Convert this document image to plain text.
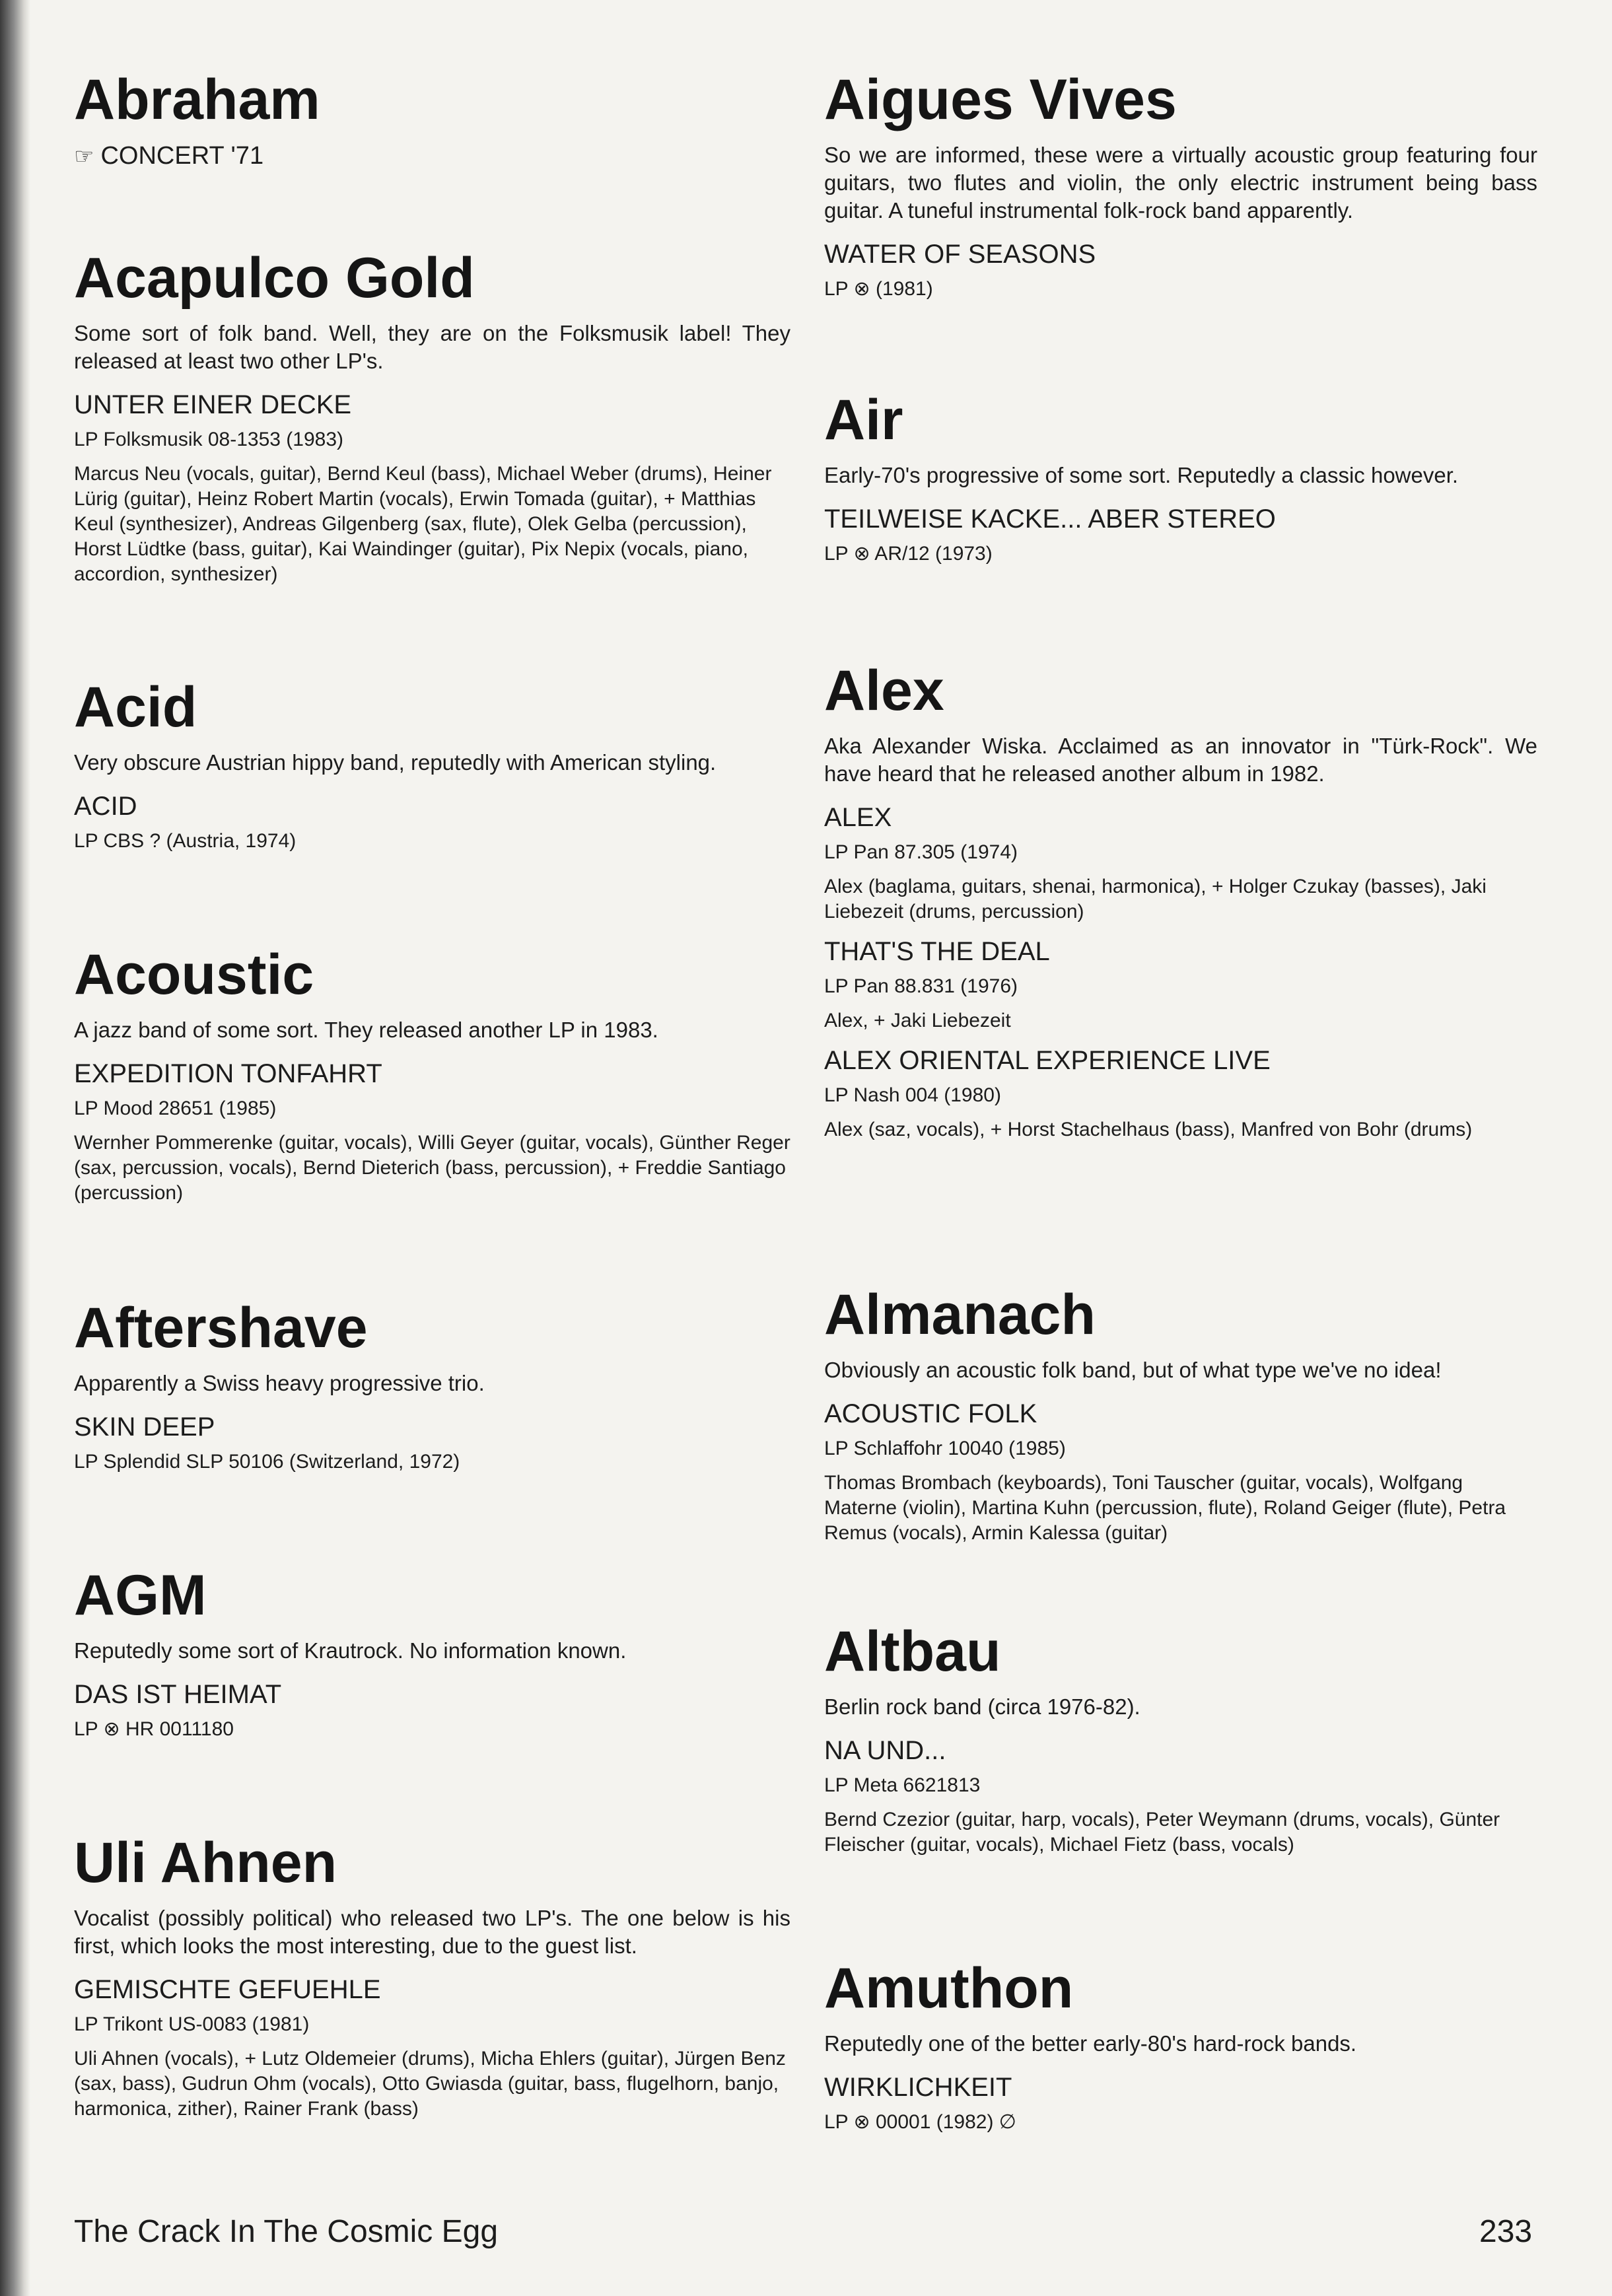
Abraham
☞ CONCERT '71
Acapulco Gold

Some sort of folk band. Well, they are on the Folksmusik label! They released at least two other LP's.

UNTER EINER DECKE
LP Folksmusik 08-1353 (1983)

Marcus Neu (vocals, guitar), Bernd Keul (bass), Michael Weber (drums), Heiner Lürig (guitar), Heinz Robert Martin (vocals), Erwin Tomada (guitar), + Matthias Keul (synthesizer), Andreas Gilgenberg (sax, flute), Olek Gelba (percussion), Horst Lüdtke (bass, guitar), Kai Waindinger (guitar), Pix Nepix (vocals, piano, accordion, synthesizer)

Acid

Very obscure Austrian hippy band, reputedly with American styling.

ACID
LP CBS ? (Austria, 1974)
Acoustic

A jazz band of some sort. They released another LP in 1983.

EXPEDITION TONFAHRT
LP Mood 28651 (1985)

Wernher Pommerenke (guitar, vocals), Willi Geyer (guitar, vocals), Günther Reger (sax, percussion, vocals), Bernd Dieterich (bass, percussion), + Freddie Santiago (percussion)

Aftershave

Apparently a Swiss heavy progressive trio.

SKIN DEEP
LP Splendid SLP 50106 (Switzerland, 1972)
AGM

Reputedly some sort of Krautrock. No information known.

DAS IST HEIMAT
LP ⊗ HR 0011180
Uli Ahnen

Vocalist (possibly political) who released two LP's. The one below is his first, which looks the most interesting, due to the guest list.

GEMISCHTE GEFUEHLE
LP Trikont US-0083 (1981)

Uli Ahnen (vocals), + Lutz Oldemeier (drums), Micha Ehlers (guitar), Jürgen Benz (sax, bass), Gudrun Ohm (vocals), Otto Gwiasda (guitar, bass, flugelhorn, banjo, harmonica, zither), Rainer Frank (bass)

Aigues Vives

So we are informed, these were a virtually acoustic group featuring four guitars, two flutes and violin, the only electric instrument being bass guitar. A tuneful instrumental folk-rock band apparently.

WATER OF SEASONS
LP ⊗ (1981)
Air

Early-70's progressive of some sort. Reputedly a classic however.

TEILWEISE KACKE... ABER STEREO
LP ⊗ AR/12 (1973)
Alex

Aka Alexander Wiska. Acclaimed as an innovator in "Türk-Rock". We have heard that he released another album in 1982.

ALEX
LP Pan 87.305 (1974)

Alex (baglama, guitars, shenai, harmonica), + Holger Czukay (basses), Jaki Liebezeit (drums, percussion)

THAT'S THE DEAL
LP Pan 88.831 (1976)

Alex, + Jaki Liebezeit

ALEX ORIENTAL EXPERIENCE LIVE
LP Nash 004 (1980)

Alex (saz, vocals), + Horst Stachelhaus (bass), Manfred von Bohr (drums)

Almanach

Obviously an acoustic folk band, but of what type we've no idea!

ACOUSTIC FOLK
LP Schlaffohr 10040 (1985)

Thomas Brombach (keyboards), Toni Tauscher (guitar, vocals), Wolfgang Materne (violin), Martina Kuhn (percussion, flute), Roland Geiger (flute), Petra Remus (vocals), Armin Kalessa (guitar)

Altbau

Berlin rock band (circa 1976-82).

NA UND...
LP Meta 6621813

Bernd Czezior (guitar, harp, vocals), Peter Weymann (drums, vocals), Günter Fleischer (guitar, vocals), Michael Fietz (bass, vocals)

Amuthon

Reputedly one of the better early-80's hard-rock bands.

WIRKLICHKEIT
LP ⊗ 00001 (1982) ∅
The Crack In The Cosmic Egg	233
